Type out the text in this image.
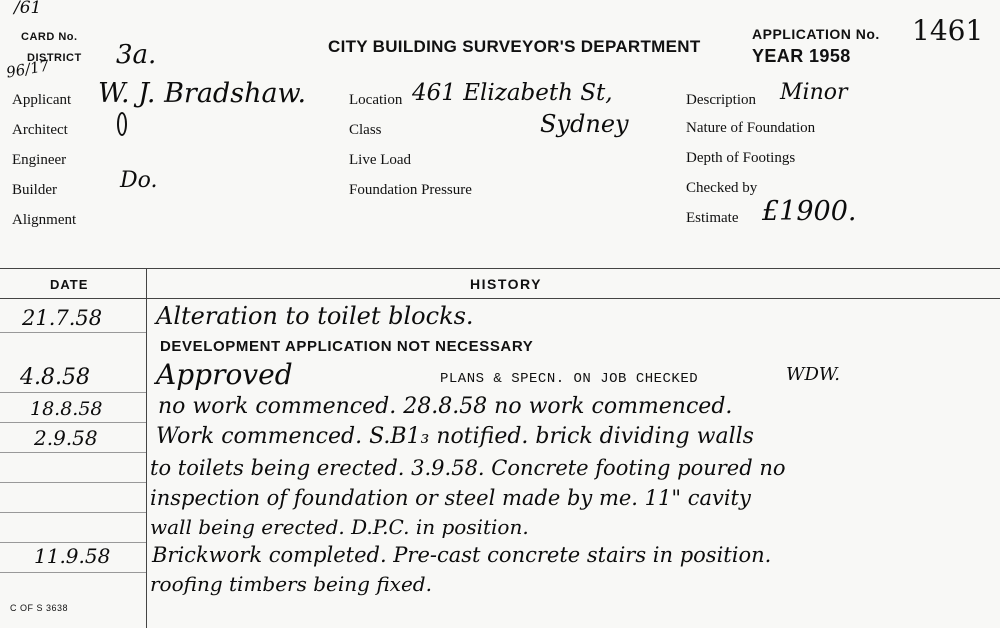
/61
CARD No.
DISTRICT 3a.
96/17
CITY BUILDING SURVEYOR'S DEPARTMENT
APPLICATION No. 1461
YEAR 1958
Applicant W. J. Bradshaw.
Architect
Engineer
Builder	Do.
Alignment
Location 461 Elizabeth St,
Sydney
Class
Live Load
Foundation Pressure
Description Minor
Nature of Foundation
Depth of Footings
Checked by
Estimate £1900.
DATE	HISTORY
21.7.58 Alteration to toilet blocks.
DEVELOPMENT APPLICATION NOT NECESSARY
4.8.58 Approved	PLANS & SPECN. ON JOB CHECKED	WDW.
18.8.58	no work commenced. 28.8.58 no work commenced.
2.9.58	Work commenced. S.B1₃ notified. brick dividing walls
to toilets being erected. 3.9.58. Concrete footing poured no
inspection of foundation or steel made by me. 11" cavity
wall being erected. D.P.C. in position.
11.9.58 Brickwork completed. Pre-cast concrete stairs in position.
roofing timbers being fixed.
C OF S 3638
